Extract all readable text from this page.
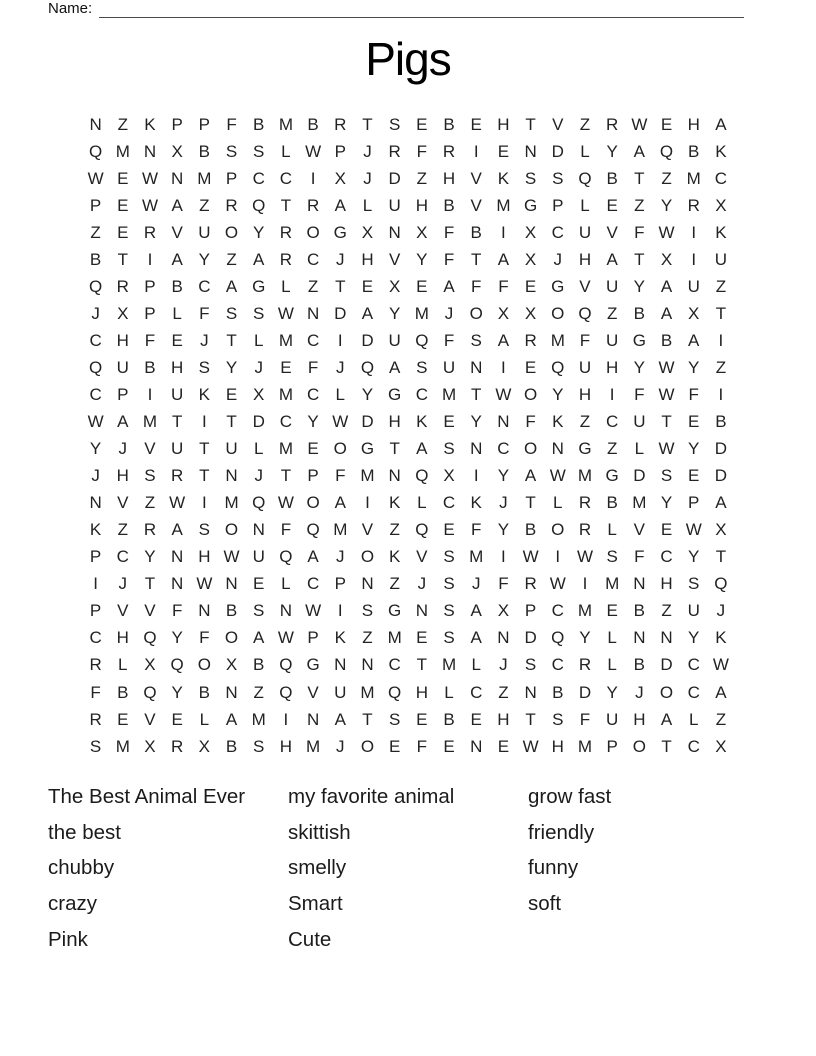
Name:
Pigs
N Z K P P F B M B R T S E B E H T V Z R W E H A
Q M N X B S S L W P	J R F R	I	E N D L Y A Q B K
W E W N M P C C	I	X	J D Z H V K S S Q B T Z M C
P E W A Z R Q T R A L U H B V M G P L E Z Y R X
Z E R V U O Y R O G X N X F B	I	X C U V F W I	K
B T	I	A Y Z A R C J H V Y F T A X	J H A T X	I	U
Q R P B C A G L	Z T E X E A F F E G V U Y A U Z
J	X P L	F S S W N D A Y M J O X X O Q Z B A X T
C H F E	J	T	L M C	I	D U Q F S A R M F U G B A	I
Q U B H S Y	J	E F	J Q A S U N	I	E Q U H Y W Y Z
C P	I	U K E X M C L Y G C M T W O Y H	I	F W F	I
W A M T	I	T D C Y W D H K E Y N F K Z C U T E B
Y	J	V U T U L M E O G T A S N C O N G Z	L W Y D
J H S R T N J	T P F M N Q X	I	Y A W M G D S E D
N V Z W I	M Q W O A	I	K L C K	J	T	L R B M Y P A
K Z R A S O N F Q M V Z Q E F Y B O R L V E W X
P C Y N H W U Q A	J O K V S M	I W I W S F C Y T
I	J	T N W N E L C P N Z	J	S	J	F R W I	M N H S Q
P V V F N B S N W I	S G N S A X P C M E B Z U J
C H Q Y F O A W P K Z M E S A N D Q Y L N N Y K
R L X Q O X B Q G N N C T M L	J	S C R L B D C W
F B Q Y B N Z Q V U M Q H L C Z N B D Y	J O C A
R E V E L A M	I	N A T S E B E H T S F U H A L	Z
S M X R X B S H M J O E F E N E W H M P O T C X
The Best Animal Ever
the best
chubby
crazy
Pink
my favorite animal
skittish
smelly
Smart
Cute
grow fast
friendly
funny
soft
